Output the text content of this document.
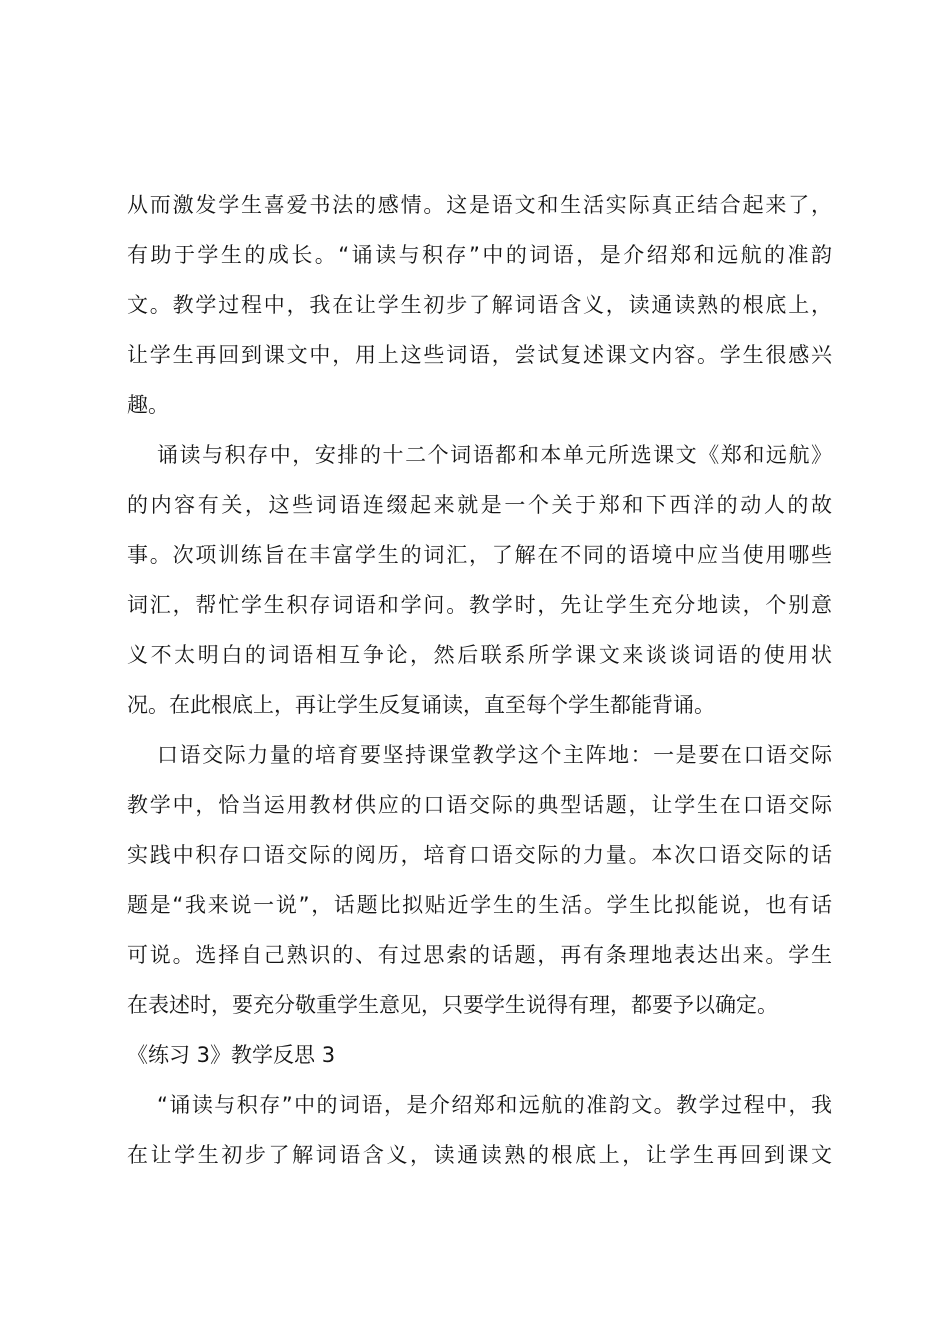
从而激发学生喜爱书法的感情。这是语文和生活实际真正结合起来了，
有助于学生的成长。“诵读与积存”中的词语，是介绍郑和远航的准韵
文。教学过程中，我在让学生初步了解词语含义，读通读熟的根底上，
让学生再回到课文中，用上这些词语，尝试复述课文内容。学生很感兴
趣。
诵读与积存中，安排的十二个词语都和本单元所选课文《郑和远航》
的内容有关，这些词语连缀起来就是一个关于郑和下西洋的动人的故
事。次项训练旨在丰富学生的词汇，了解在不同的语境中应当使用哪些
词汇，帮忙学生积存词语和学问。教学时，先让学生充分地读，个别意
义不太明白的词语相互争论，然后联系所学课文来谈谈词语的使用状
况。在此根底上，再让学生反复诵读，直至每个学生都能背诵。
口语交际力量的培育要坚持课堂教学这个主阵地：一是要在口语交际
教学中，恰当运用教材供应的口语交际的典型话题，让学生在口语交际
实践中积存口语交际的阅历，培育口语交际的力量。本次口语交际的话
题是“我来说一说”，话题比拟贴近学生的生活。学生比拟能说，也有话
可说。选择自己熟识的、有过思索的话题，再有条理地表达出来。学生
在表述时，要充分敬重学生意见，只要学生说得有理，都要予以确定。
《练习 3》教学反思 3
“诵读与积存”中的词语，是介绍郑和远航的准韵文。教学过程中，我
在让学生初步了解词语含义，读通读熟的根底上，让学生再回到课文
